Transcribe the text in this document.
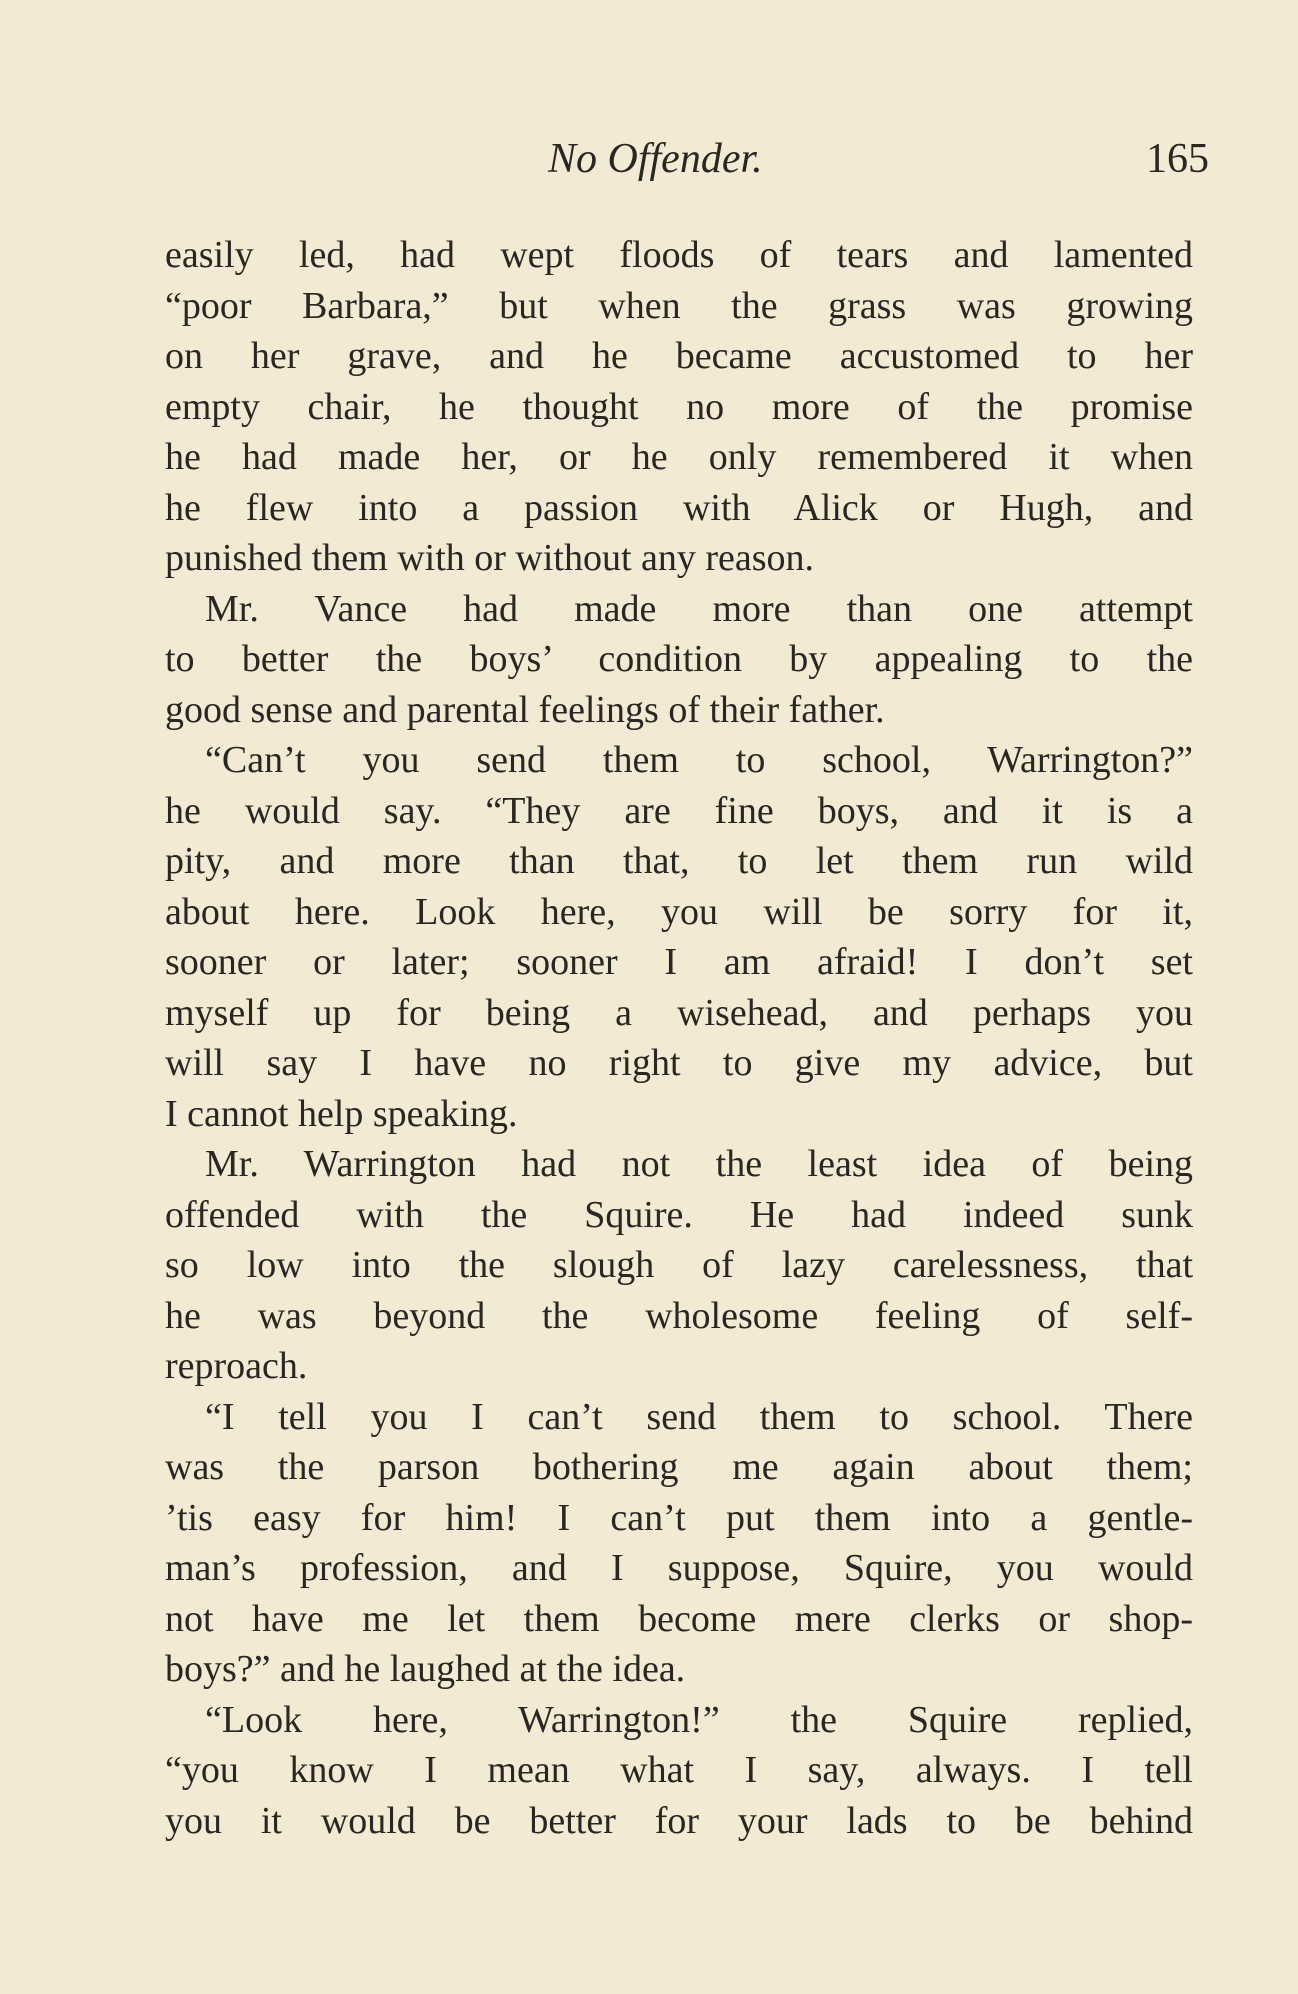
No Offender.	165
easily led, had wept floods of tears and lamented
“poor Barbara,” but when the grass was growing
on her grave, and he became accustomed to her
empty chair, he thought no more of the promise
he had made her, or he only remembered it when
he flew into a passion with Alick or Hugh, and
punished them with or without any reason.
Mr. Vance had made more than one attempt
to better the boys’ condition by appealing to the
good sense and parental feelings of their father.
“Can’t you send them to school, Warrington?”
he would say. “They are fine boys, and it is a
pity, and more than that, to let them run wild
about here. Look here, you will be sorry for it,
sooner or later; sooner I am afraid! I don’t set
myself up for being a wisehead, and perhaps you
will say I have no right to give my advice, but
I cannot help speaking.
Mr. Warrington had not the least idea of being
offended with the Squire. He had indeed sunk
so low into the slough of lazy carelessness, that
he was beyond the wholesome feeling of self-
reproach.
“I tell you I can’t send them to school. There
was the parson bothering me again about them;
’tis easy for him! I can’t put them into a gentle-
man’s profession, and I suppose, Squire, you would
not have me let them become mere clerks or shop-
boys?” and he laughed at the idea.
“Look here, Warrington!” the Squire replied,
“you know I mean what I say, always. I tell
you it would be better for your lads to be behind
